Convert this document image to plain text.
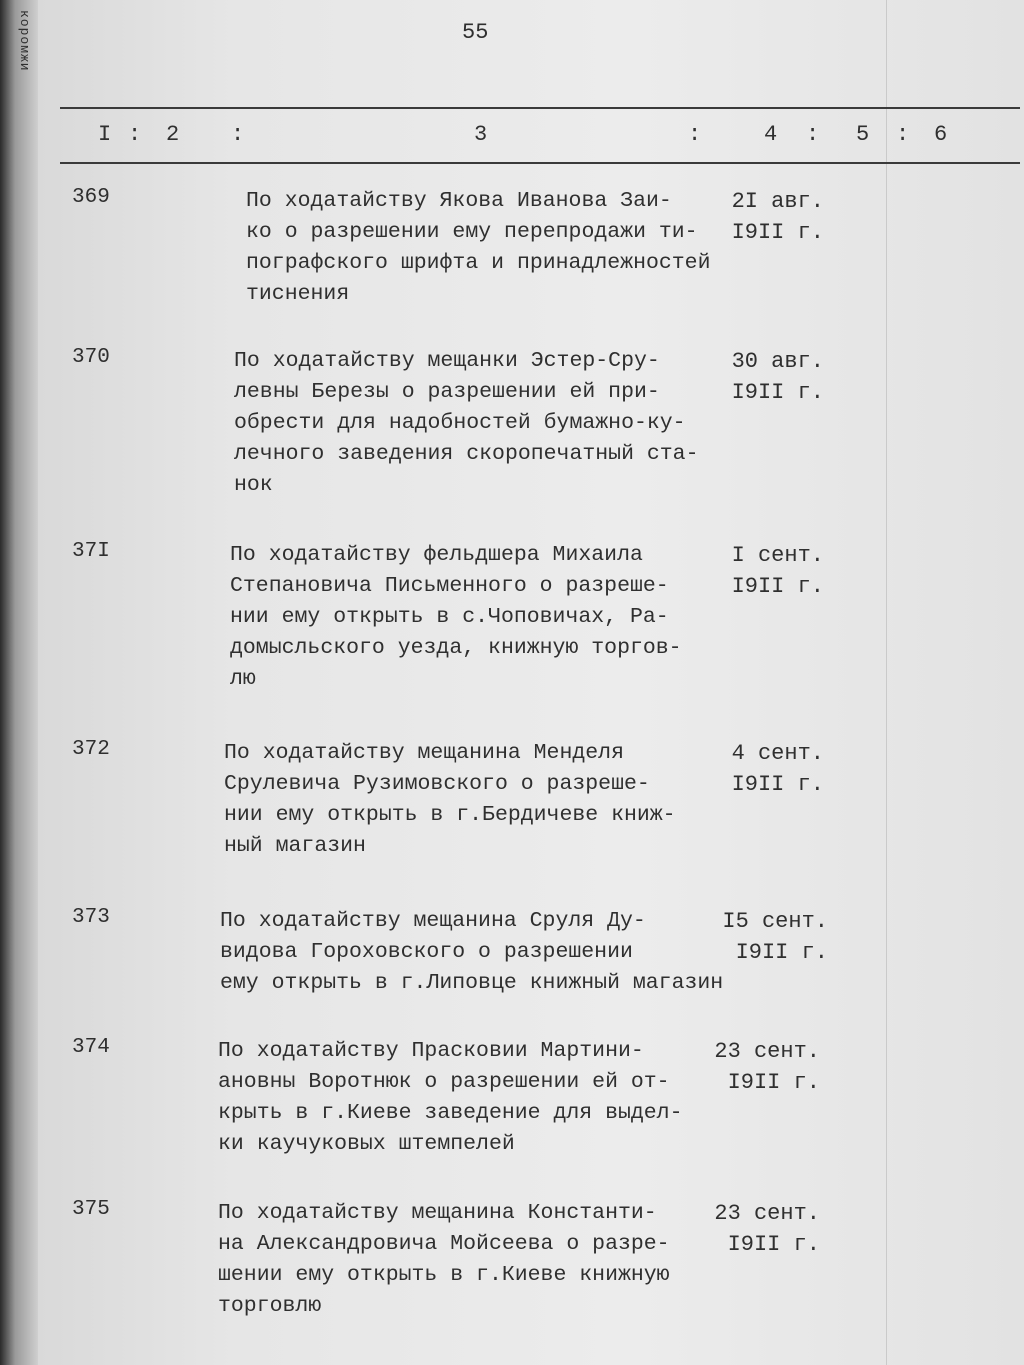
коромжи	55
I : 2 :	3	:	4 : 5 : 6
369	По ходатайству Якова Иванова Заи-
ко о разрешении ему перепродажи ти-
пографского шрифта и принадлежностей
тиснения
2I авг.
I9II г.
370	По ходатайству мещанки Эстер-Сру-
левны Березы о разрешении ей при-
обрести для надобностей бумажно-ку-
лечного заведения скоропечатный ста-
нок
30 авг.
I9II г.
37I	По ходатайству фельдшера Михаила
Степановича Письменного о разреше-
нии ему открыть в с.Чоповичах, Ра-
домысльского уезда, книжную торгов-
лю
I сент.
I9II г.
372	По ходатайству мещанина Менделя
Срулевича Рузимовского о разреше-
нии ему открыть в г.Бердичеве книж-
ный магазин
4 сент.
I9II г.
373	По ходатайству мещанина Сруля Ду-
видова Гороховского о разрешении
ему открыть в г.Липовце книжный магазин
I5 сент.
I9II г.
374	По ходатайству Прасковии Мартини-
ановны Воротнюк о разрешении ей от-
крыть в г.Киеве заведение для выдел-
ки каучуковых штемпелей
23 сент.
I9II г.
375	По ходатайству мещанина Константи-
на Александровича Мойсеева о разре-
шении ему открыть в г.Киеве книжную
торговлю
23 сент.
I9II г.
